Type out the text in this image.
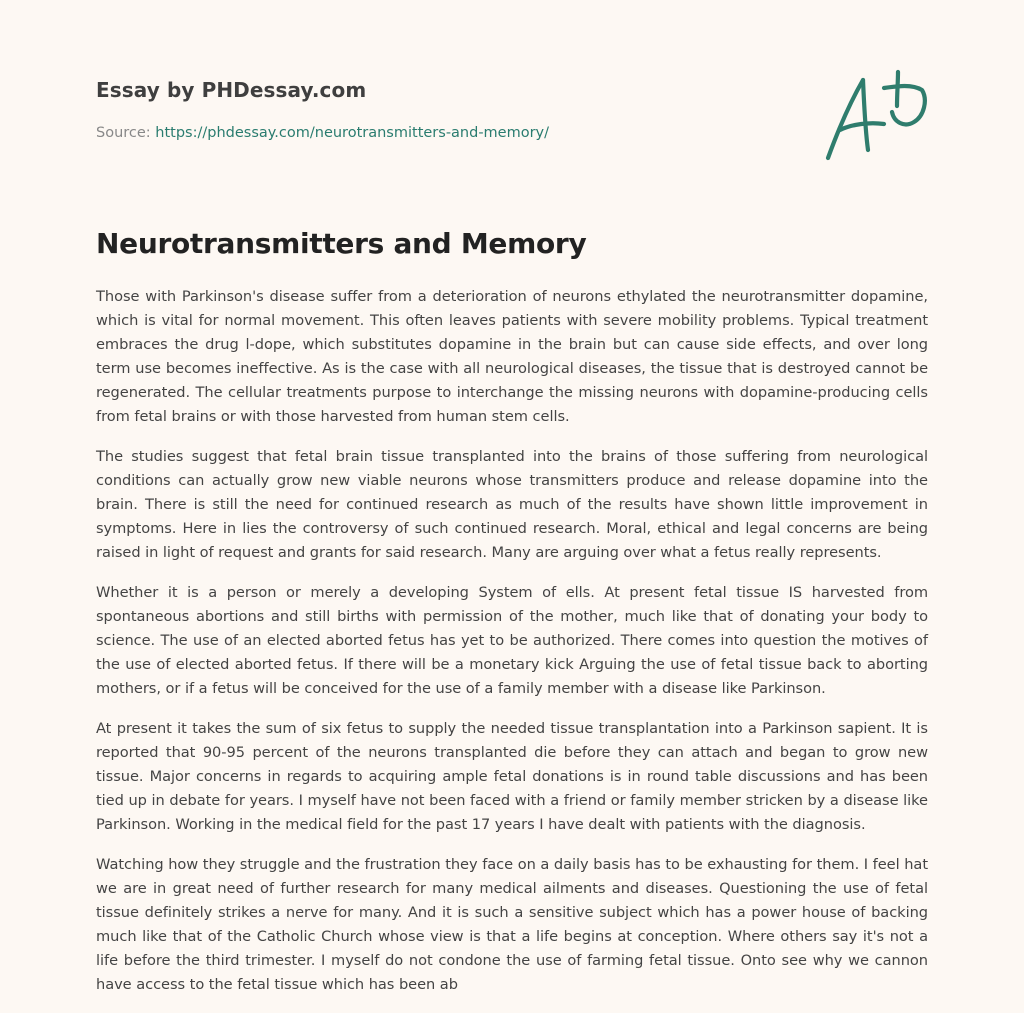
Essay by PHDessay.com
Source: https://phdessay.com/neurotransmitters-and-memory/
Neurotransmitters and Memory

Those with Parkinson's disease suffer from a deterioration of neurons ethylated the neurotransmitter dopamine, which is vital for normal movement. This often leaves patients with severe mobility problems. Typical treatment embraces the drug l-dope, which substitutes dopamine in the brain but can cause side effects, and over long term use becomes ineffective. As is the case with all neurological diseases, the tissue that is destroyed cannot be regenerated. The cellular treatments purpose to interchange the missing neurons with dopamine-producing cells from fetal brains or with those harvested from human stem cells.

The studies suggest that fetal brain tissue transplanted into the brains of those suffering from neurological conditions can actually grow new viable neurons whose transmitters produce and release dopamine into the brain. There is still the need for continued research as much of the results have shown little improvement in symptoms. Here in lies the controversy of such continued research. Moral, ethical and legal concerns are being raised in light of request and grants for said research. Many are arguing over what a fetus really represents.

Whether it is a person or merely a developing System of ells. At present fetal tissue IS harvested from spontaneous abortions and still births with permission of the mother, much like that of donating your body to science. The use of an elected aborted fetus has yet to be authorized. There comes into question the motives of the use of elected aborted fetus. If there will be a monetary kick Arguing the use of fetal tissue back to aborting mothers, or if a fetus will be conceived for the use of a family member with a disease like Parkinson.

At present it takes the sum of six fetus to supply the needed tissue transplantation into a Parkinson sapient. It is reported that 90-95 percent of the neurons transplanted die before they can attach and began to grow new tissue. Major concerns in regards to acquiring ample fetal donations is in round table discussions and has been tied up in debate for years. I myself have not been faced with a friend or family member stricken by a disease like Parkinson. Working in the medical field for the past 17 years I have dealt with patients with the diagnosis.

Watching how they struggle and the frustration they face on a daily basis has to be exhausting for them. I feel hat we are in great need of further research for many medical ailments and diseases. Questioning the use of fetal tissue definitely strikes a nerve for many. And it is such a sensitive subject which has a power house of backing much like that of the Catholic Church whose view is that a life begins at conception. Where others say it's not a life before the third trimester. I myself do not condone the use of farming fetal tissue. Onto see why we cannon have access to the fetal tissue which has been ab
